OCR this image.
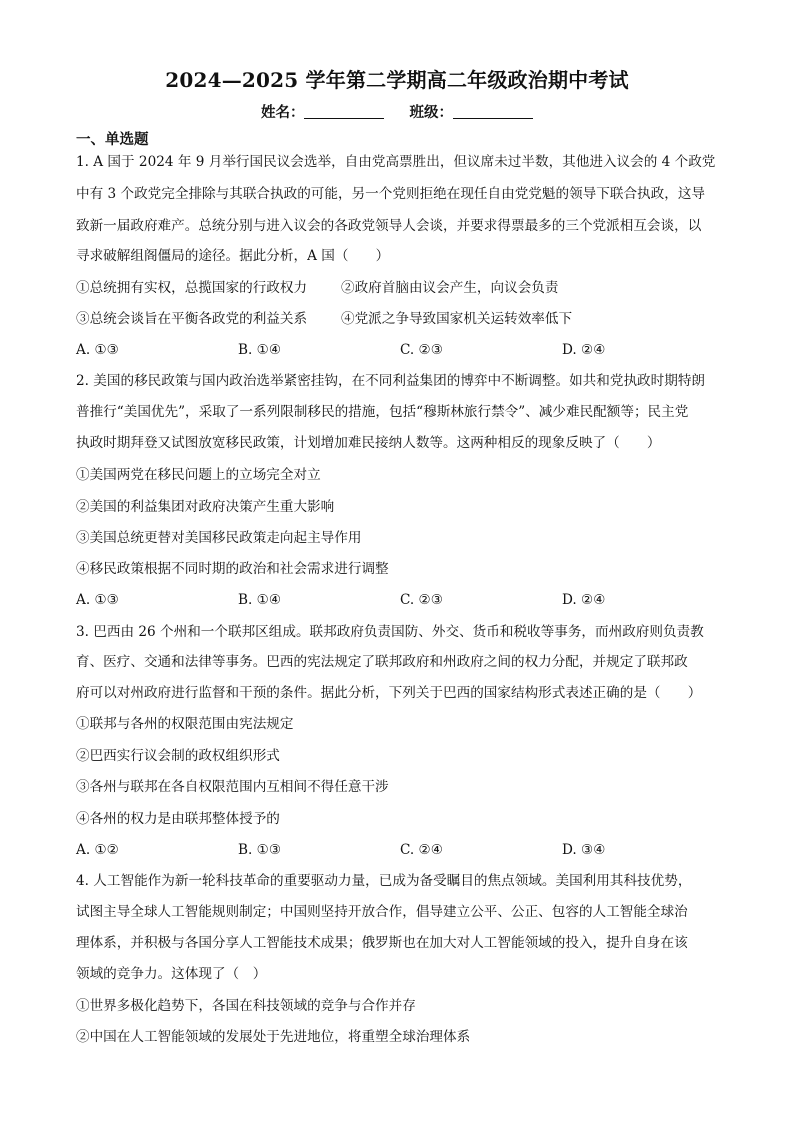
2024—2025 学年第二学期高二年级政治期中考试
姓名：	班级：
一、单选题
1. A 国于 2024 年 9 月举行国民议会选举，自由党高票胜出，但议席未过半数，其他进入议会的 4 个政党
中有 3 个政党完全排除与其联合执政的可能，另一个党则拒绝在现任自由党党魁的领导下联合执政，这导
致新一届政府难产。总统分别与进入议会的各政党领导人会谈，并要求得票最多的三个党派相互会谈，以
寻求破解组阁僵局的途径。据此分析，A 国（　　）
①总统拥有实权，总揽国家的行政权力 ②政府首脑由议会产生，向议会负责
③总统会谈旨在平衡各政党的利益关系 ④党派之争导致国家机关运转效率低下
A. ①③	B. ①④	C. ②③	D. ②④
2. 美国的移民政策与国内政治选举紧密挂钩，在不同利益集团的博弈中不断调整。如共和党执政时期特朗
普推行“美国优先”，采取了一系列限制移民的措施，包括“穆斯林旅行禁令”、减少难民配额等；民主党
执政时期拜登又试图放宽移民政策，计划增加难民接纳人数等。这两种相反的现象反映了（　　）
①美国两党在移民问题上的立场完全对立
②美国的利益集团对政府决策产生重大影响
③美国总统更替对美国移民政策走向起主导作用
④移民政策根据不同时期的政治和社会需求进行调整
A. ①③	B. ①④	C. ②③	D. ②④
3. 巴西由 26 个州和一个联邦区组成。联邦政府负责国防、外交、货币和税收等事务，而州政府则负责教
育、医疗、交通和法律等事务。巴西的宪法规定了联邦政府和州政府之间的权力分配，并规定了联邦政
府可以对州政府进行监督和干预的条件。据此分析，下列关于巴西的国家结构形式表述正确的是（　　）
①联邦与各州的权限范围由宪法规定
②巴西实行议会制的政权组织形式
③各州与联邦在各自权限范围内互相间不得任意干涉
④各州的权力是由联邦整体授予的
A. ①②	B. ①③	C. ②④	D. ③④
4. 人工智能作为新一轮科技革命的重要驱动力量，已成为备受瞩目的焦点领域。美国利用其科技优势，
试图主导全球人工智能规则制定；中国则坚持开放合作，倡导建立公平、公正、包容的人工智能全球治
理体系，并积极与各国分享人工智能技术成果；俄罗斯也在加大对人工智能领域的投入，提升自身在该
领域的竞争力。这体现了（　）
①世界多极化趋势下，各国在科技领域的竞争与合作并存
②中国在人工智能领域的发展处于先进地位，将重塑全球治理体系
